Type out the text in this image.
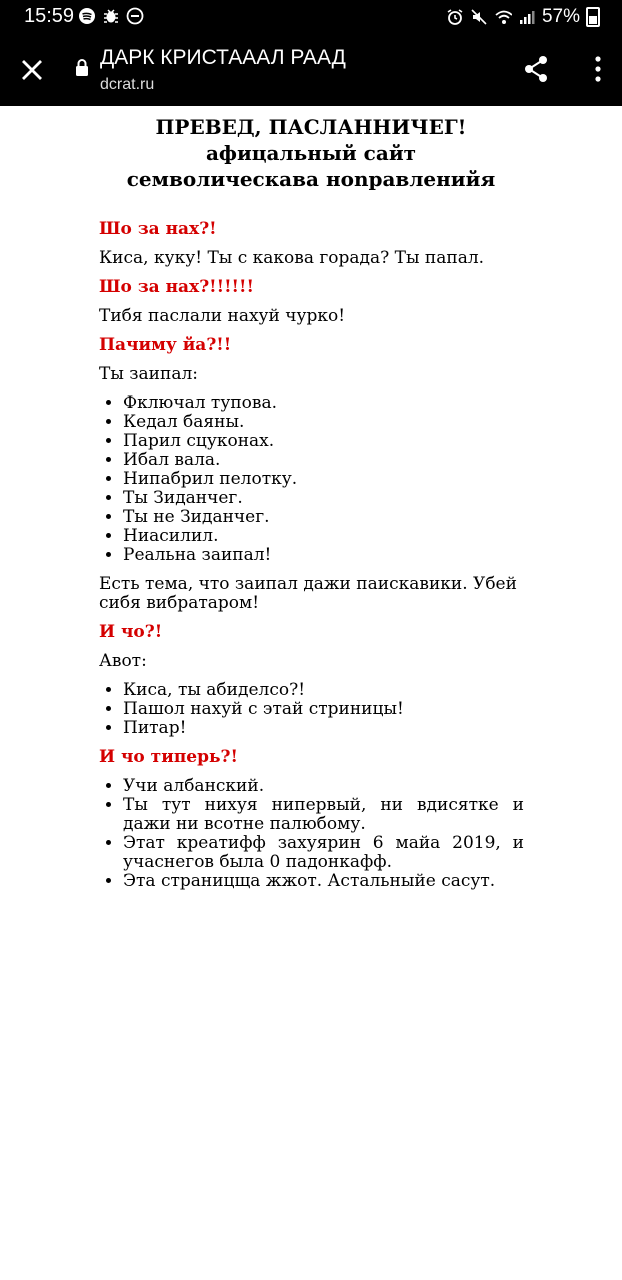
15:59	57%
ДАРК КРИСТАААЛ РААД
dcrat.ru
ПРЕВЕД, ПАСЛАННИЧЕГ!
афицальный сайт
семволическава нonpaвлeнийя
Шо за нах?!
Киса, куку! Ты с какова горада? Ты папал.
Шо за нах?!!!!!!
Тибя паслали нахуй чурко!
Пачиму йа?!!
Ты заипал:
• Фключал тупова.
• Кедал баяны.
• Парил сцуконах.
• Ибал вала.
• Нипабрил пелотку.
• Ты Зиданчег.
• Ты не Зиданчег.
• Ниасилил.
• Реальна заипал!
Есть тема, что заипал дажи паискавики. Убей сибя вибратаром!
И чо?!
Авот:
• Киса, ты абиделсо?!
• Пашол нахуй с этай стриницы!
• Питар!
И чо типерь?!
• Учи албанский.
• Ты тут нихуя нипервый, ни вдисятке и дажи ни всотне палюбому.
• Этат креатифф захуярин 6 майа 2019, и учаснегов была 0 падонкафф.
• Эта страницща жжот. Астальныйе сасут.
